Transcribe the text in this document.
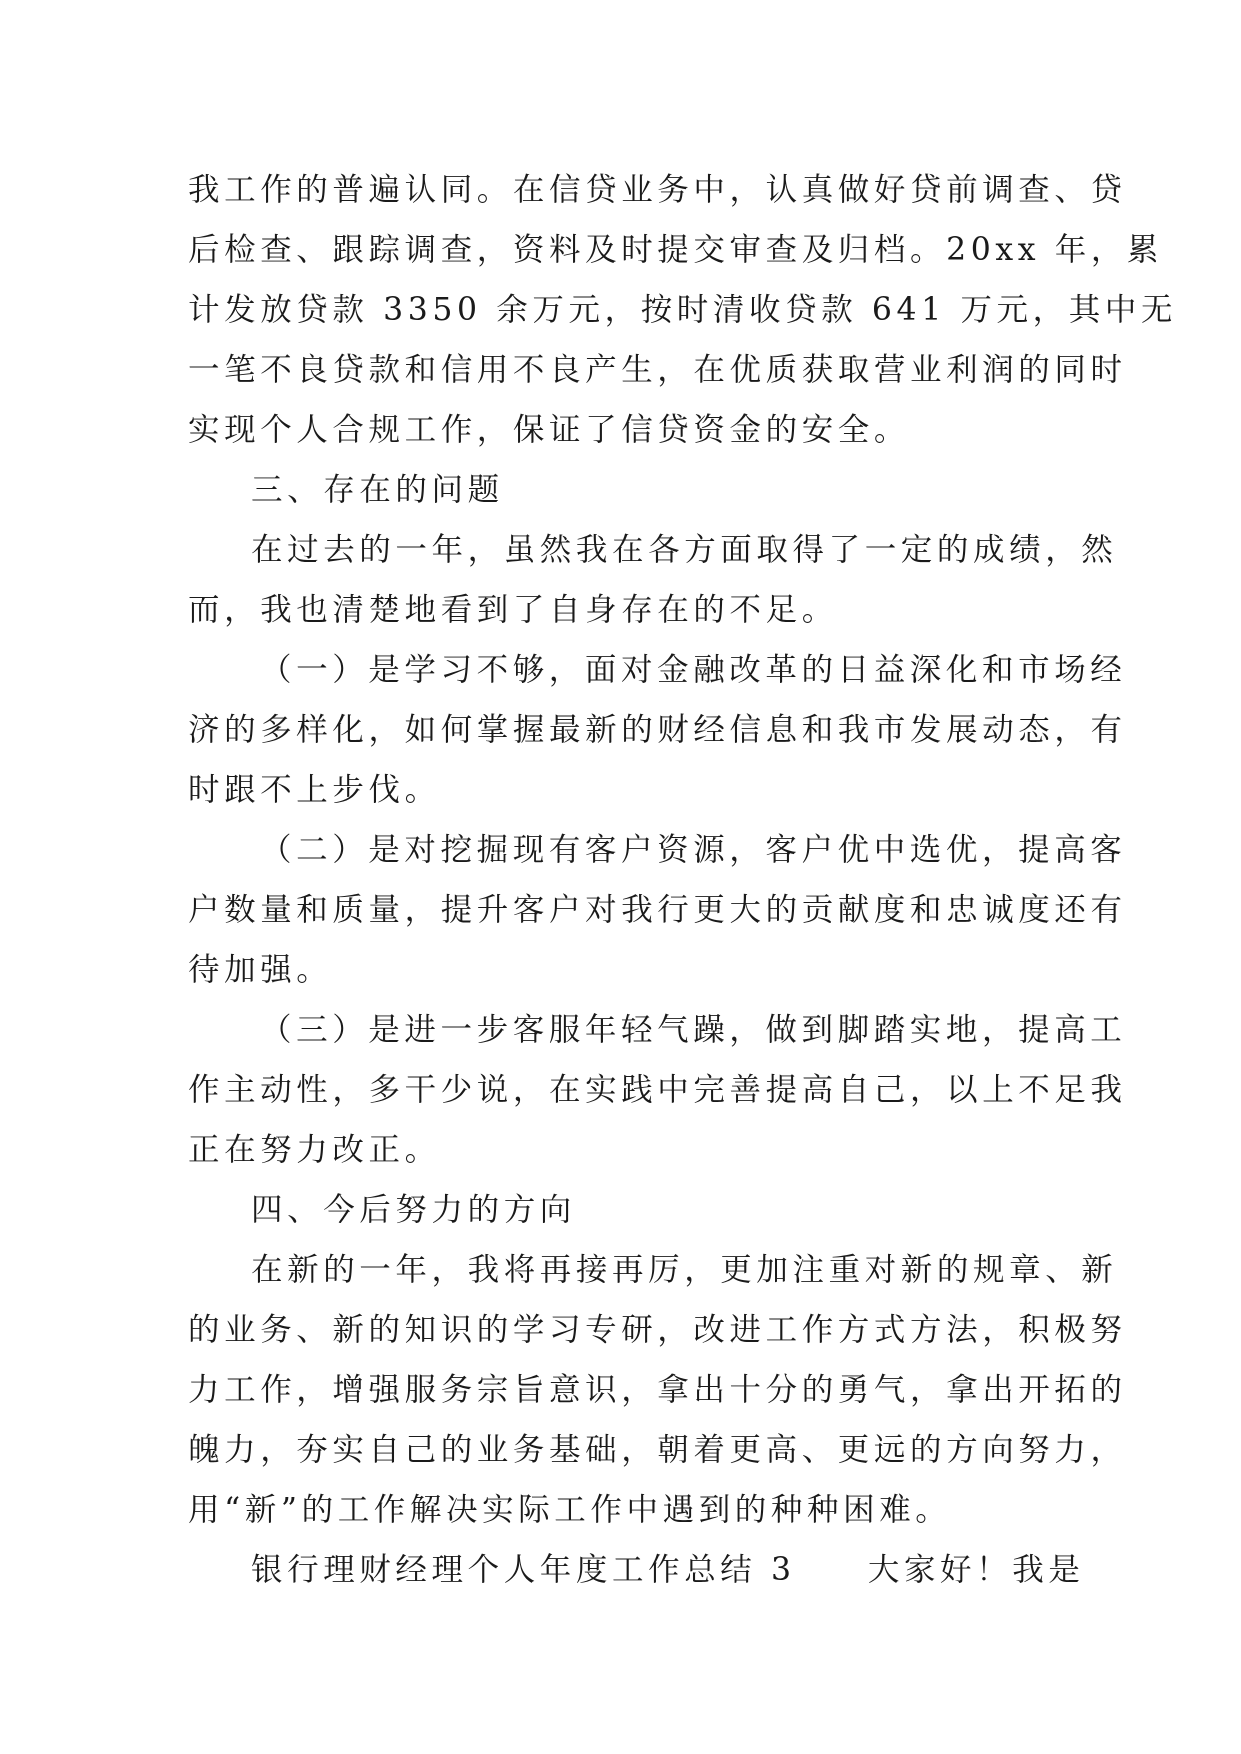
我工作的普遍认同。在信贷业务中，认真做好贷前调查、贷
后检查、跟踪调查，资料及时提交审查及归档。20xx 年，累
计发放贷款 3350 余万元，按时清收贷款 641 万元，其中无
一笔不良贷款和信用不良产生，在优质获取营业利润的同时
实现个人合规工作，保证了信贷资金的安全。
三、存在的问题
在过去的一年，虽然我在各方面取得了一定的成绩，然
而，我也清楚地看到了自身存在的不足。
（一）是学习不够，面对金融改革的日益深化和市场经
济的多样化，如何掌握最新的财经信息和我市发展动态，有
时跟不上步伐。
（二）是对挖掘现有客户资源，客户优中选优，提高客
户数量和质量，提升客户对我行更大的贡献度和忠诚度还有
待加强。
（三）是进一步客服年轻气躁，做到脚踏实地，提高工
作主动性，多干少说，在实践中完善提高自己，以上不足我
正在努力改正。
四、今后努力的方向
在新的一年，我将再接再厉，更加注重对新的规章、新
的业务、新的知识的学习专研，改进工作方式方法，积极努
力工作，增强服务宗旨意识，拿出十分的勇气，拿出开拓的
魄力，夯实自己的业务基础，朝着更高、更远的方向努力，
用“新”的工作解决实际工作中遇到的种种困难。
银行理财经理个人年度工作总结 3　　大家好！我是
